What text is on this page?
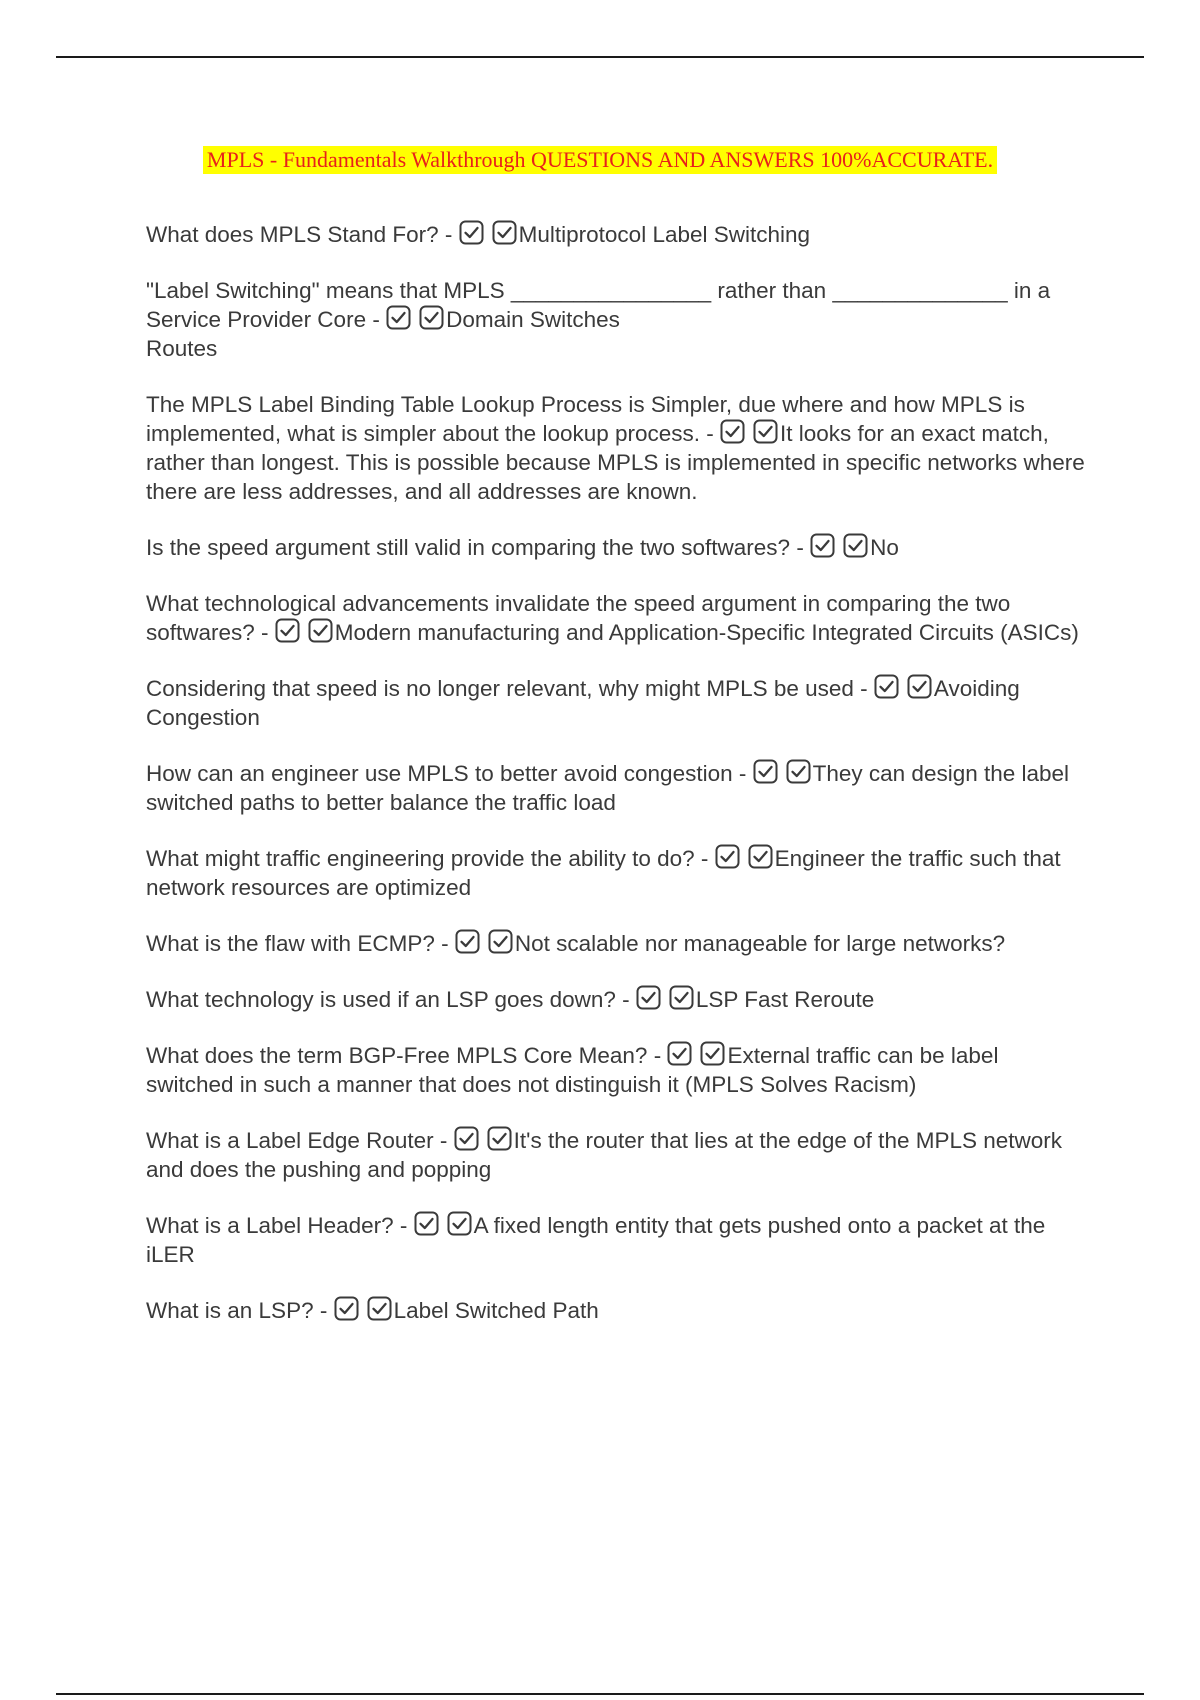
MPLS - Fundamentals Walkthrough QUESTIONS AND ANSWERS 100%ACCURATE.
What does MPLS Stand For? -	Multiprotocol Label Switching
"Label Switching" means that MPLS ________________ rather than ______________ in a Service Provider Core -	Domain Switches
Routes
The MPLS Label Binding Table Lookup Process is Simpler, due where and how MPLS is implemented, what is simpler about the lookup process. -	It looks for an exact match, rather than longest. This is possible because MPLS is implemented in specific networks where there are less addresses, and all addresses are known.
Is the speed argument still valid in comparing the two softwares? -	No
What technological advancements invalidate the speed argument in comparing the two softwares? -	Modern manufacturing and Application-Specific Integrated Circuits (ASICs)
Considering that speed is no longer relevant, why might MPLS be used -	Avoiding Congestion
How can an engineer use MPLS to better avoid congestion -	They can design the label switched paths to better balance the traffic load
What might traffic engineering provide the ability to do? -	Engineer the traffic such that network resources are optimized
What is the flaw with ECMP? -	Not scalable nor manageable for large networks?
What technology is used if an LSP goes down? -	LSP Fast Reroute
What does the term BGP-Free MPLS Core Mean? -	External traffic can be label switched in such a manner that does not distinguish it (MPLS Solves Racism)
What is a Label Edge Router -	It's the router that lies at the edge of the MPLS network and does the pushing and popping
What is a Label Header? -	A fixed length entity that gets pushed onto a packet at the iLER
What is an LSP? -	Label Switched Path
